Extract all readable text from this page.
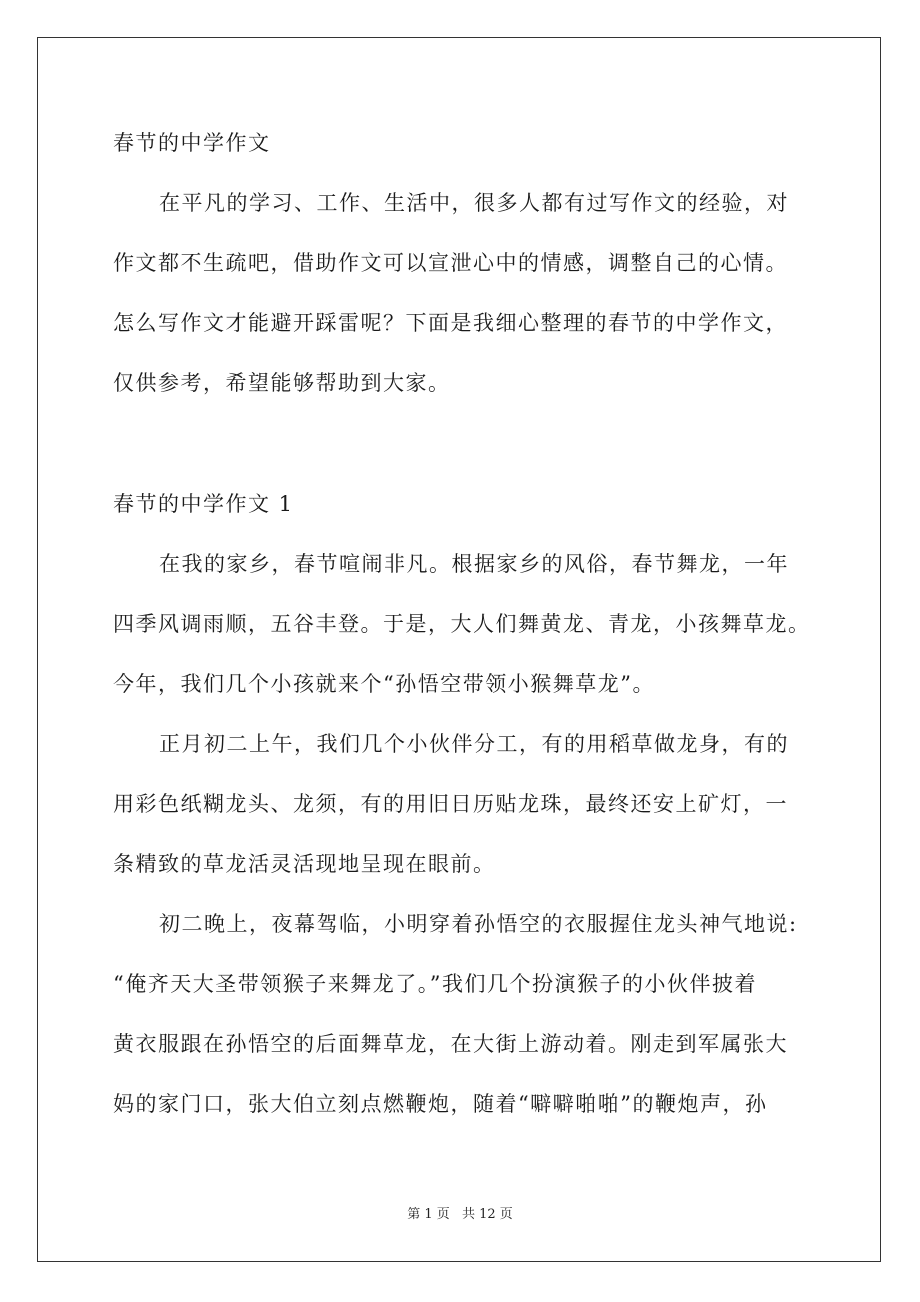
春节的中学作文
在平凡的学习、工作、生活中，很多人都有过写作文的经验，对
作文都不生疏吧，借助作文可以宣泄心中的情感，调整自己的心情。
怎么写作文才能避开踩雷呢？下面是我细心整理的春节的中学作文，
仅供参考，希望能够帮助到大家。
春节的中学作文 1
在我的家乡，春节喧闹非凡。根据家乡的风俗，春节舞龙，一年
四季风调雨顺，五谷丰登。于是，大人们舞黄龙、青龙，小孩舞草龙。
今年，我们几个小孩就来个“孙悟空带领小猴舞草龙”。
正月初二上午，我们几个小伙伴分工，有的用稻草做龙身，有的
用彩色纸糊龙头、龙须，有的用旧日历贴龙珠，最终还安上矿灯，一
条精致的草龙活灵活现地呈现在眼前。
初二晚上，夜幕驾临，小明穿着孙悟空的衣服握住龙头神气地说:
“俺齐天大圣带领猴子来舞龙了。”我们几个扮演猴子的小伙伴披着
黄衣服跟在孙悟空的后面舞草龙，在大街上游动着。刚走到军属张大
妈的家门口，张大伯立刻点燃鞭炮，随着“噼噼啪啪”的鞭炮声，孙
第 1 页 共 12 页
